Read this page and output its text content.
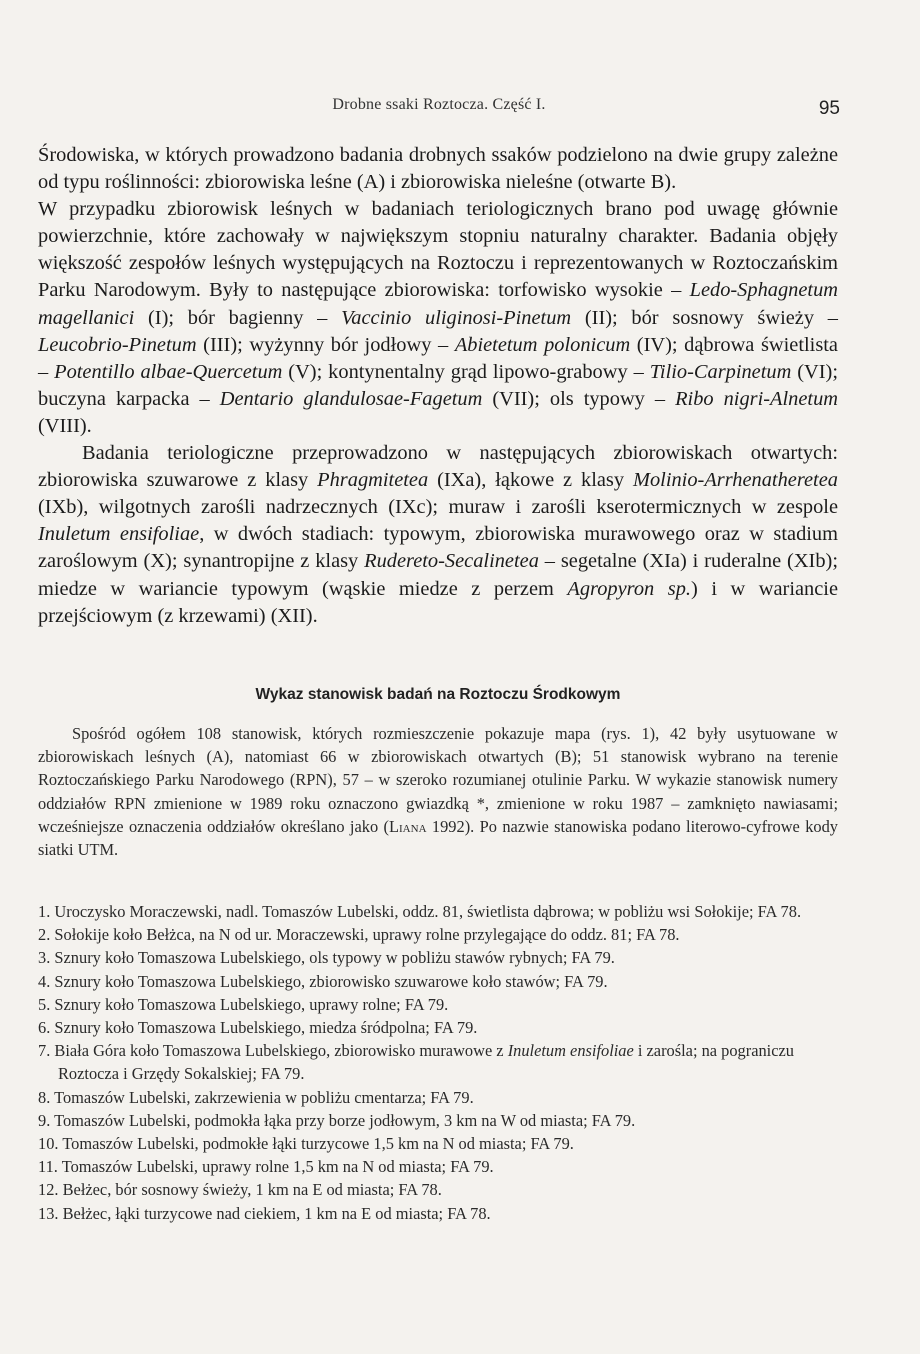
Drobne ssaki Roztocza. Część I.	95

Środowiska, w których prowadzono badania drobnych ssaków podzielono na dwie grupy zależne od typu roślinności: zbiorowiska leśne (A) i zbiorowiska nieleśne (otwarte B).

W przypadku zbiorowisk leśnych w badaniach teriologicznych brano pod uwagę głównie powierzchnie, które zachowały w największym stopniu naturalny charakter. Badania objęły większość zespołów leśnych występujących na Roztoczu i reprezentowanych w Roztoczańskim Parku Narodowym. Były to następujące zbiorowiska: torfowisko wysokie – Ledo-Sphagnetum magellanici (I); bór bagienny – Vaccinio uliginosi-Pinetum (II); bór sosnowy świeży – Leucobrio-Pinetum (III); wyżynny bór jodłowy – Abietetum polonicum (IV); dąbrowa świetlista – Potentillo albae-Quercetum (V); kontynentalny grąd lipowo-grabowy – Tilio-Carpinetum (VI); buczyna karpacka – Dentario glandulosae-Fagetum (VII); ols typowy – Ribo nigri-Alnetum (VIII).

Badania teriologiczne przeprowadzono w następujących zbiorowiskach otwartych: zbiorowiska szuwarowe z klasy Phragmitetea (IXa), łąkowe z klasy Molinio-Arrhenatheretea (IXb), wilgotnych zarośli nadrzecznych (IXc); muraw i zarośli kserotermicznych w zespole Inuletum ensifoliae, w dwóch stadiach: typowym, zbiorowiska murawowego oraz w stadium zaroślowym (X); synantropijne z klasy Rudereto-Secalinetea – segetalne (XIa) i ruderalne (XIb); miedze w wariancie typowym (wąskie miedze z perzem Agropyron sp.) i w wariancie przejściowym (z krzewami) (XII).

Wykaz stanowisk badań na Roztoczu Środkowym

Spośród ogółem 108 stanowisk, których rozmieszczenie pokazuje mapa (rys. 1), 42 były usytuowane w zbiorowiskach leśnych (A), natomiast 66 w zbiorowiskach otwartych (B); 51 stanowisk wybrano na terenie Roztoczańskiego Parku Narodowego (RPN), 57 – w szeroko rozumianej otulinie Parku. W wykazie stanowisk numery oddziałów RPN zmienione w 1989 roku oznaczono gwiazdką *, zmienione w roku 1987 – zamknięto nawiasami; wcześniejsze oznaczenia oddziałów określano jako (Liana 1992). Po nazwie stanowiska podano literowo-cyfrowe kody siatki UTM.

1. Uroczysko Moraczewski, nadl. Tomaszów Lubelski, oddz. 81, świetlista dąbrowa; w pobliżu wsi Sołokije; FA 78.
2. Sołokije koło Bełżca, na N od ur. Moraczewski, uprawy rolne przylegające do oddz. 81; FA 78.
3. Sznury koło Tomaszowa Lubelskiego, ols typowy w pobliżu stawów rybnych; FA 79.
4. Sznury koło Tomaszowa Lubelskiego, zbiorowisko szuwarowe koło stawów; FA 79.
5. Sznury koło Tomaszowa Lubelskiego, uprawy rolne; FA 79.
6. Sznury koło Tomaszowa Lubelskiego, miedza śródpolna; FA 79.
7. Biała Góra koło Tomaszowa Lubelskiego, zbiorowisko murawowe z Inuletum ensifoliae i zarośla; na pograniczu Roztocza i Grzędy Sokalskiej; FA 79.
8. Tomaszów Lubelski, zakrzewienia w pobliżu cmentarza; FA 79.
9. Tomaszów Lubelski, podmokła łąka przy borze jodłowym, 3 km na W od miasta; FA 79.
10. Tomaszów Lubelski, podmokłe łąki turzycowe 1,5 km na N od miasta; FA 79.
11. Tomaszów Lubelski, uprawy rolne 1,5 km na N od miasta; FA 79.
12. Bełżec, bór sosnowy świeży, 1 km na E od miasta; FA 78.
13. Bełżec, łąki turzycowe nad ciekiem, 1 km na E od miasta; FA 78.
